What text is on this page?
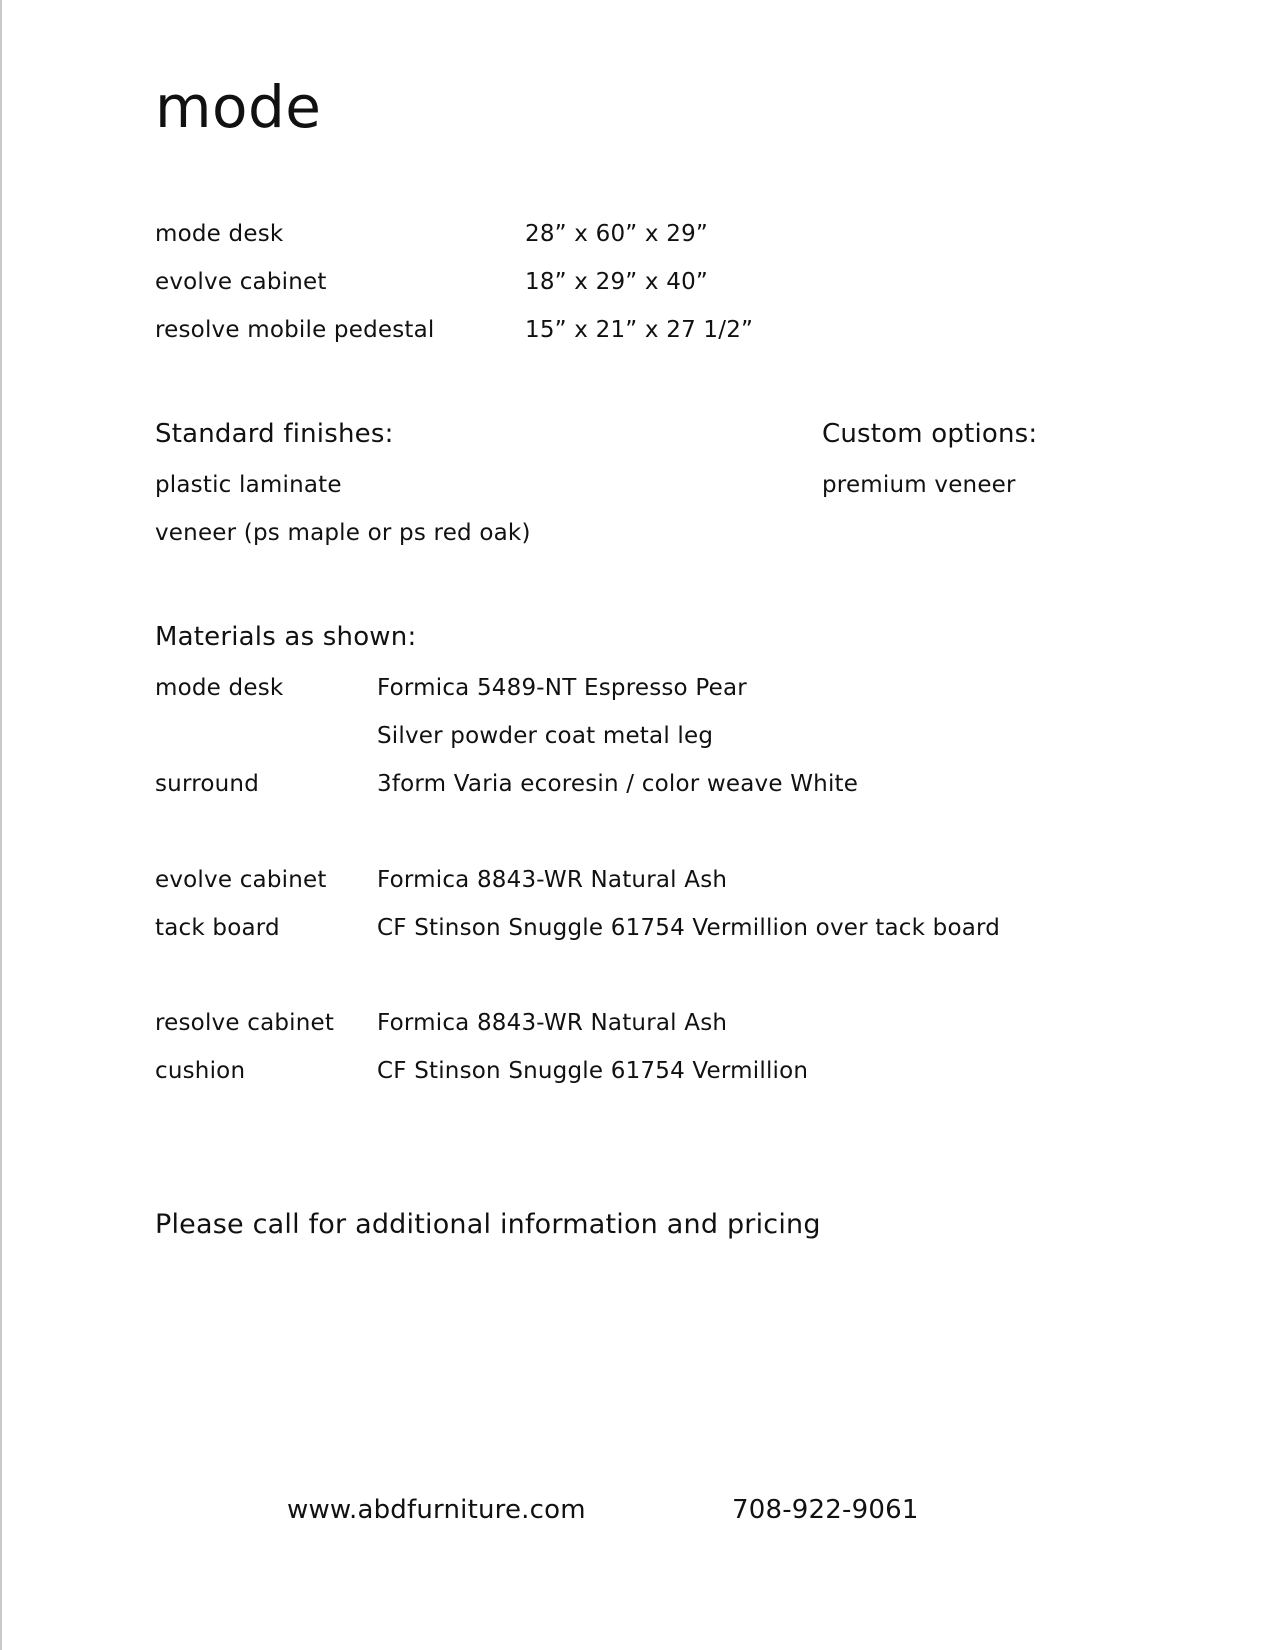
mode
mode desk	28” x 60” x 29”
evolve cabinet	18” x 29” x 40”
resolve mobile pedestal	15” x 21” x 27 1/2”
Standard finishes:
plastic laminate
veneer (ps maple or ps red oak)
Custom options:
premium veneer
Materials as shown:
mode desk	Formica 5489-NT Espresso Pear
Silver powder coat metal leg
surround	3form Varia ecoresin / color weave White
evolve cabinet Formica 8843-WR Natural Ash
tack board	CF Stinson Snuggle 61754 Vermillion over tack board
resolve cabinet Formica 8843-WR Natural Ash
cushion	CF Stinson Snuggle 61754 Vermillion
Please call for additional information and pricing
www.abdfurniture.com	708-922-9061
